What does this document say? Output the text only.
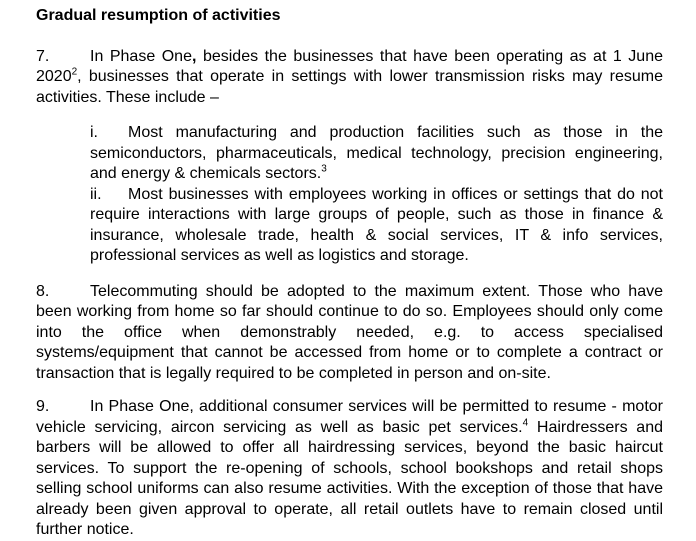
Gradual resumption of activities

7.	In Phase One, besides the businesses that have been operating as at 1 June 2020$^2$, businesses that operate in settings with lower transmission risks may resume activities. These include –

i. Most manufacturing and production facilities such as those in the semiconductors, pharmaceuticals, medical technology, precision engineering, and energy & chemicals sectors.$^3$

ii. Most businesses with employees working in offices or settings that do not require interactions with large groups of people, such as those in finance & insurance, wholesale trade, health & social services, IT & info services, professional services as well as logistics and storage.

8.	Telecommuting should be adopted to the maximum extent. Those who have been working from home so far should continue to do so. Employees should only come into the office when demonstrably needed, e.g. to access specialised systems/equipment that cannot be accessed from home or to complete a contract or transaction that is legally required to be completed in person and on-site.

9.	In Phase One, additional consumer services will be permitted to resume - motor vehicle servicing, aircon servicing as well as basic pet services.$^4$ Hairdressers and barbers will be allowed to offer all hairdressing services, beyond the basic haircut services. To support the re-opening of schools, school bookshops and retail shops selling school uniforms can also resume activities. With the exception of those that have already been given approval to operate, all retail outlets have to remain closed until further notice.
